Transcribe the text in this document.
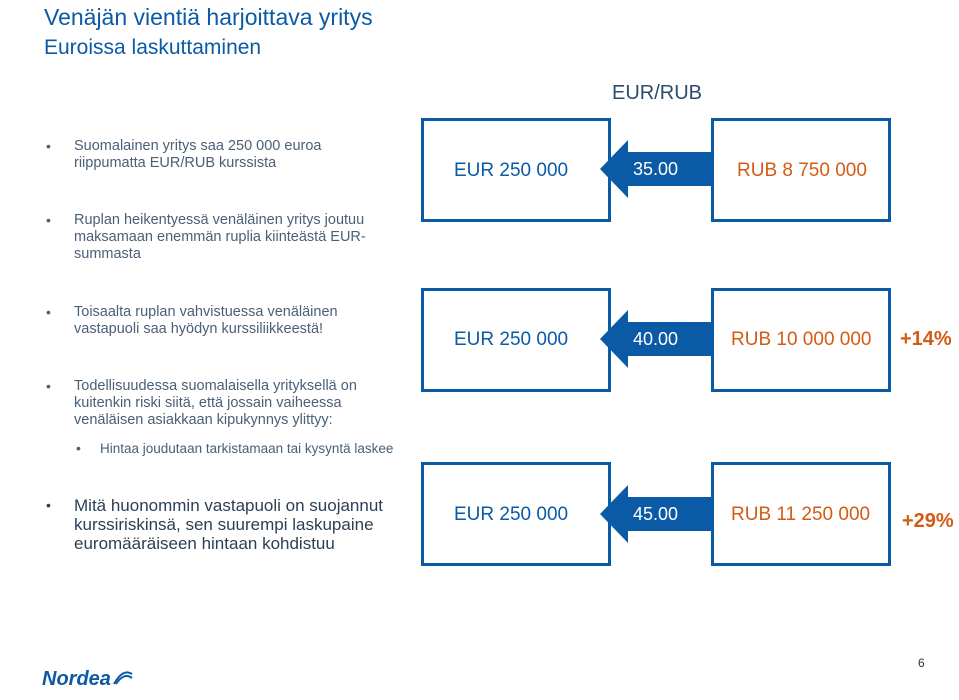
Venäjän vientiä harjoittava yritys
Euroissa laskuttaminen
EUR/RUB
• Suomalainen yritys saa 250 000 euroa
riippumatta EUR/RUB kurssista
• Ruplan heikentyessä venäläinen yritys joutuu
maksamaan enemmän ruplia kiinteästä EUR-
summasta
• Toisaalta ruplan vahvistuessa venäläinen
vastapuoli saa hyödyn kurssiliikkeestä!
• Todellisuudessa suomalaisella yrityksellä on
kuitenkin riski siitä, että jossain vaiheessa
venäläisen asiakkaan kipukynnys ylittyy:
• Hintaa joudutaan tarkistamaan tai kysyntä laskee
• Mitä huonommin vastapuoli on suojannut
kurssiriskinsä, sen suurempi laskupaine
euromääräiseen hintaan kohdistuu
EUR 250 000	35.00	RUB 8 750 000
EUR 250 000	40.00	RUB 10 000 000 +14%
EUR 250 000	45.00	RUB 11 250 000 +29%
6
Nordea
